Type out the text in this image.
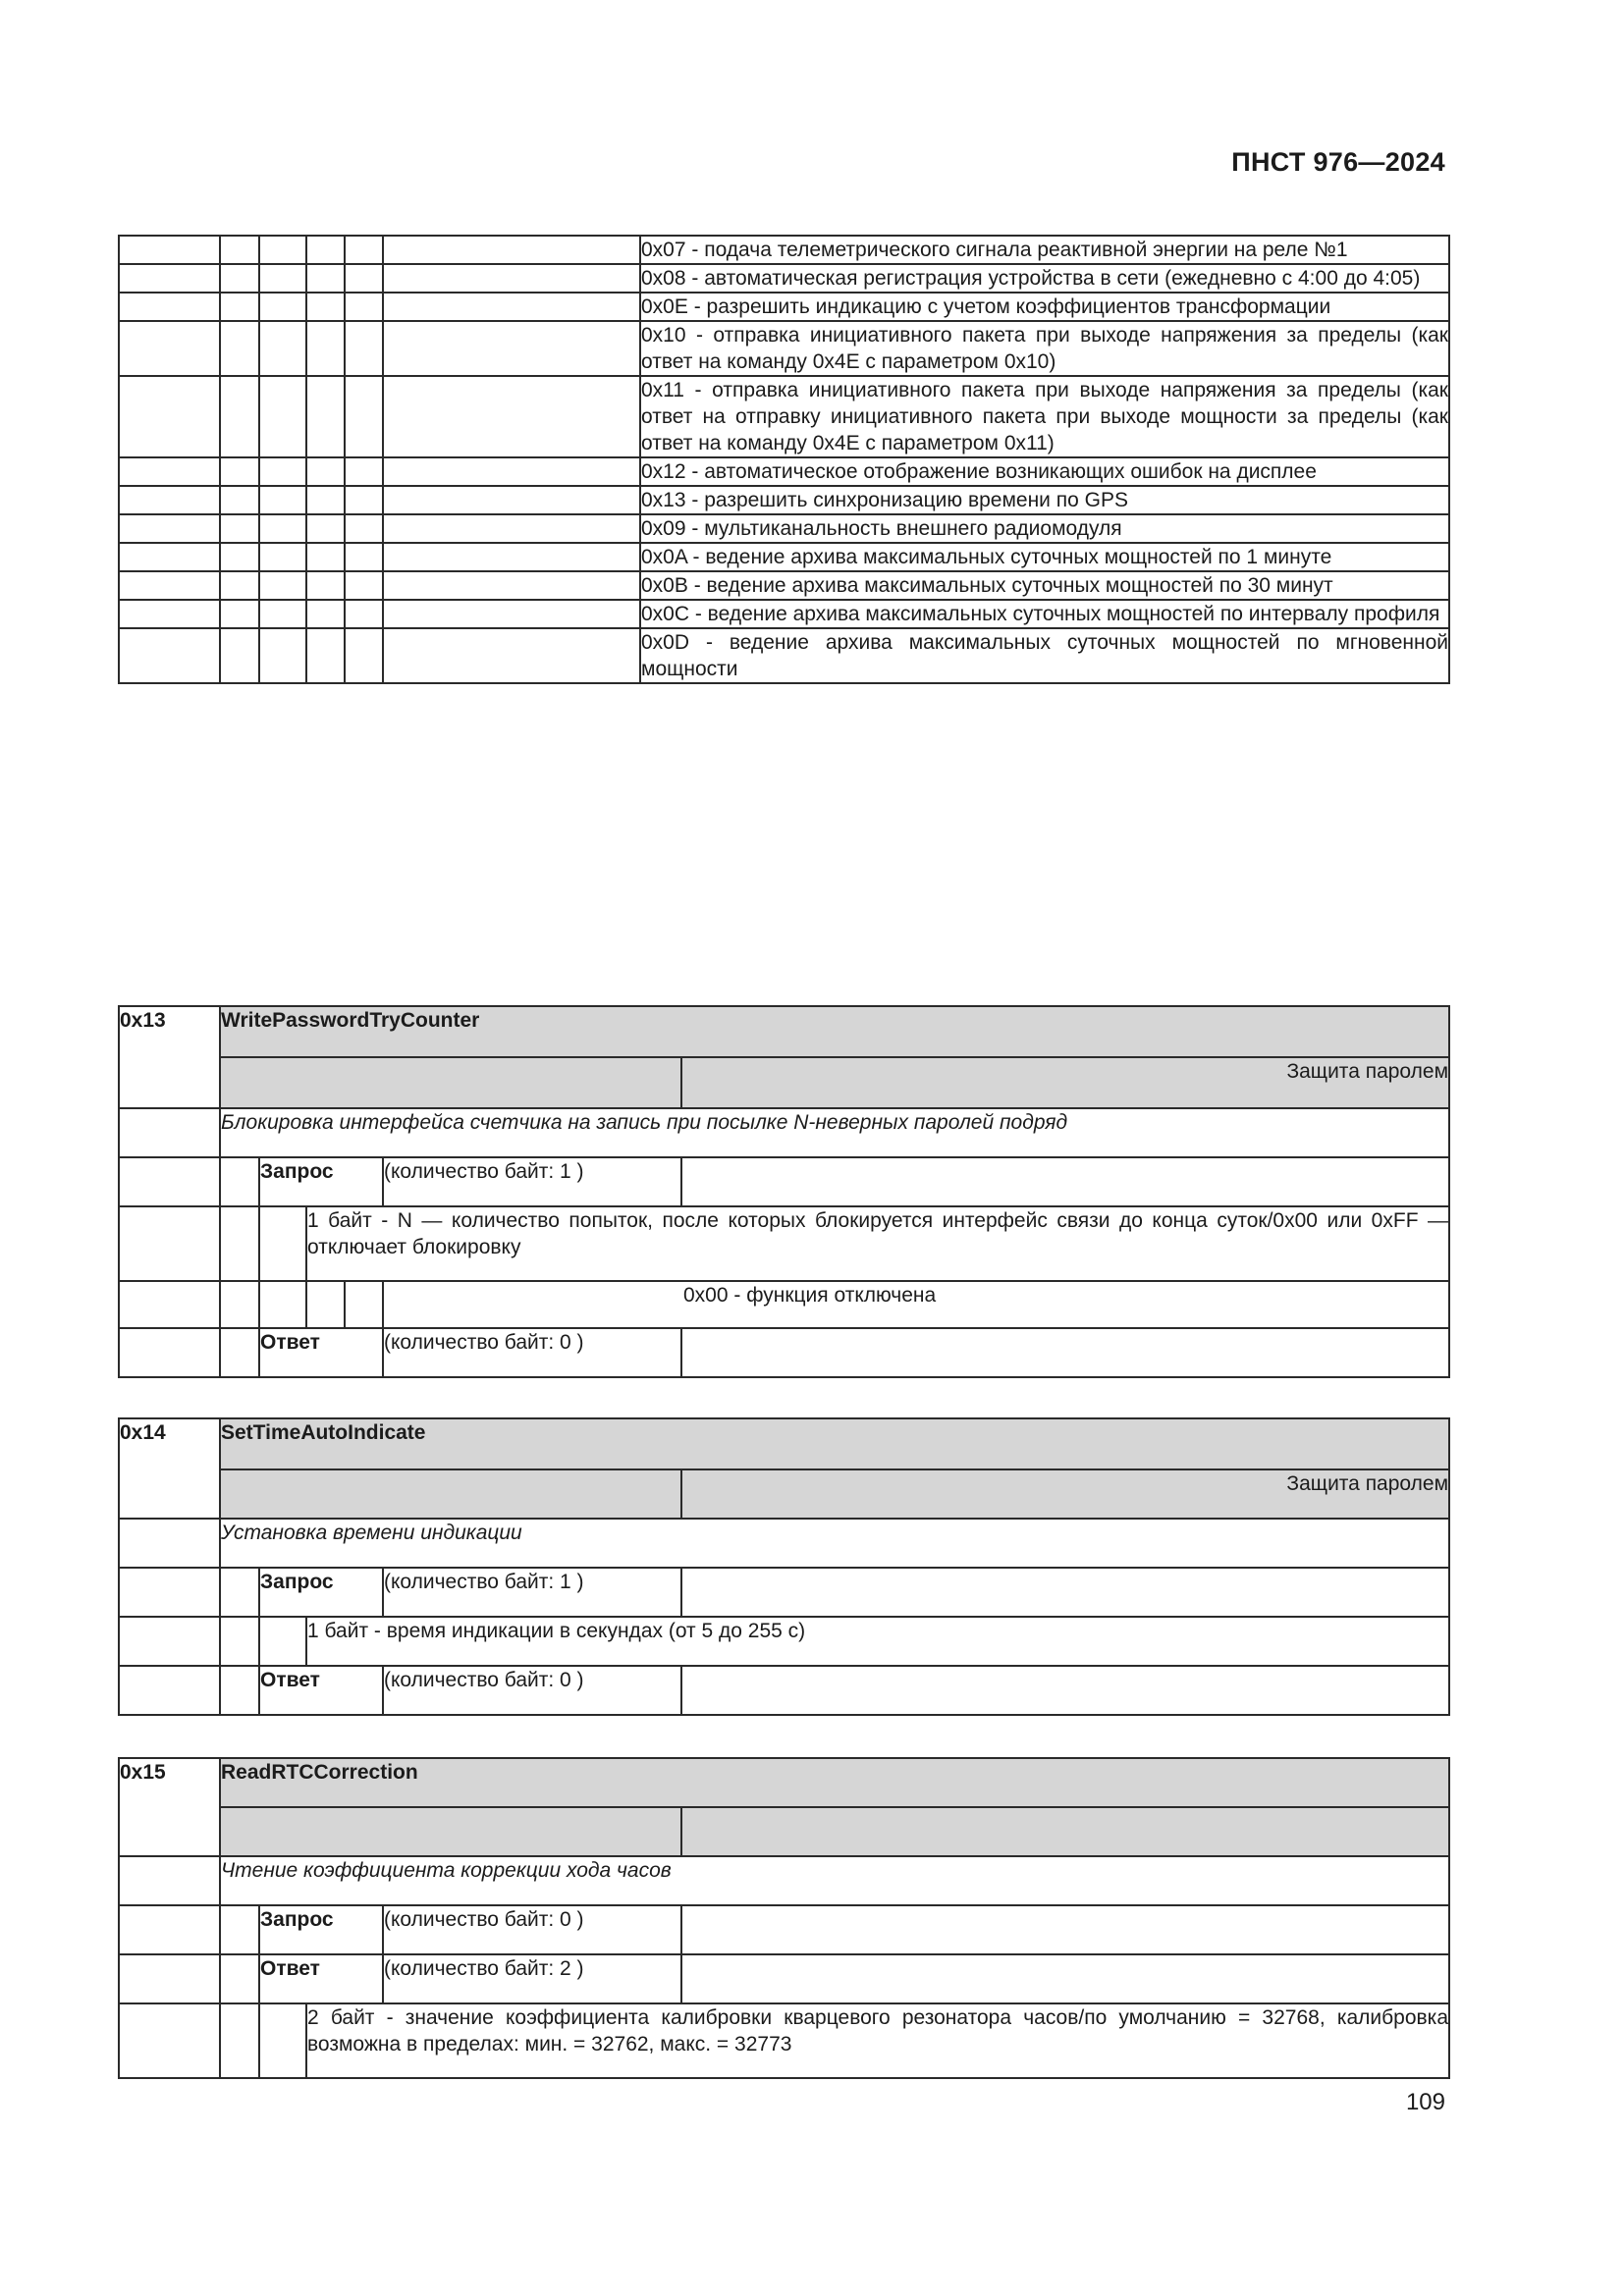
ПНСТ 976—2024
						0x07 - подача телеметрического сигнала реактивной энергии на реле №1
						0x08 - автоматическая регистрация устройства в сети (ежедневно с 4:00 до 4:05)
						0x0E - разрешить индикацию с учетом коэффициентов трансформации
						0x10 - отправка инициативного пакета при выходе напряжения за пределы (как ответ на команду 0x4E с параметром 0x10)
						0x11 - отправка инициативного пакета при выходе напряжения за пределы (как ответ на отправку инициативного пакета при выходе мощности за пределы (как ответ на команду 0x4E с параметром 0x11)
						0x12 - автоматическое отображение возникающих ошибок на дисплее
						0x13 - разрешить синхронизацию времени по GPS
						0x09 - мультиканальность внешнего радиомодуля
						0x0A - ведение архива максимальных суточных мощностей по 1 минуте
						0x0B - ведение архива максимальных суточных мощностей по 30 минут
						0x0C - ведение архива максимальных суточных мощностей по интервалу профиля
						0x0D - ведение архива максимальных суточных мощностей по мгновенной мощности
0x13	WritePasswordTryCounter					
						Защита паролем
	Блокировка интерфейса счетчика на запись при посылке N-неверных паролей подряд					
		Запрос			(количество байт: 1 )	
			1 байт - N — количество попыток, после которых блокируется интерфейс связи до конца суток/0x00 или 0xFF — отключает блокировку			
					0x00 - функция отключена	
		Ответ			(количество байт: 0 )	
0x14	SetTimeAutoIndicate				
					Защита паролем
	Установка времени индикации				
		Запрос		(количество байт: 1 )	
			1 байт - время индикации в секундах (от 5 до 255 с)		
		Ответ		(количество байт: 0 )	
0x15	ReadRTCCorrection				

	Чтение коэффициента коррекции хода часов				
		Запрос		(количество байт: 0 )	
		Ответ		(количество байт: 2 )	
			2 байт - значение коэффициента калибровки кварцевого резонатора часов/по умолчанию = 32768, калибровка возможна в пределах: мин. = 32762, макс. = 32773		
109
